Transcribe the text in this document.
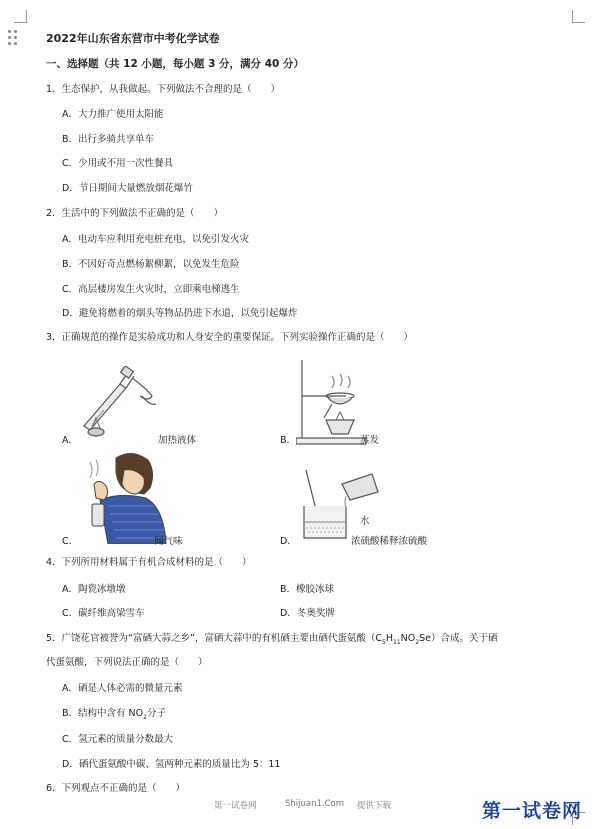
2022年山东省东营市中考化学试卷
一、选择题（共 12 小题，每小题 3 分，满分 40 分）
1．生态保护，从我做起。下列做法不合理的是（　　）
A．大力推广使用太阳能
B．出行多骑共享单车
C．少用或不用一次性餐具
D．节日期间大量燃放烟花爆竹
2．生活中的下列做法不正确的是（　　）
A．电动车应利用充电桩充电，以免引发火灾
B．不因好奇点燃杨絮柳絮，以免发生危险
C．高层楼房发生火灾时，立即乘电梯逃生
D．避免将燃着的烟头等物品扔进下水道，以免引起爆炸
3．正确规范的操作是实验成功和人身安全的重要保证。下列实验操作正确的是（　　）
A．	加热液体	B．	蒸发
C．	闻气味
水
D．	浓硫酸稀释浓硫酸
4．下列所用材料属于有机合成材料的是（　　）
A．陶瓷冰墩墩	B．橡胶冰球
C．碳纤维高梁雪车	D．冬奥奖牌
5．广饶花官被誉为“富硒大蒜之乡”，富硒大蒜中的有机硒主要由硒代蛋氨酸$(C_5H_{11}NO_2Se)$合成。关于硒
代蛋氨酸，下列说法正确的是（　　）
A．硒是人体必需的微量元素
B．结构中含有 $NO_2$分子
C．氢元素的质量分数最大
D．硒代蛋氨酸中碳、氢两种元素的质量比为 5：11
6．下列观点不正确的是（　　）
第一试卷网	Shijuan1.Com 提供下载	第一试卷网
